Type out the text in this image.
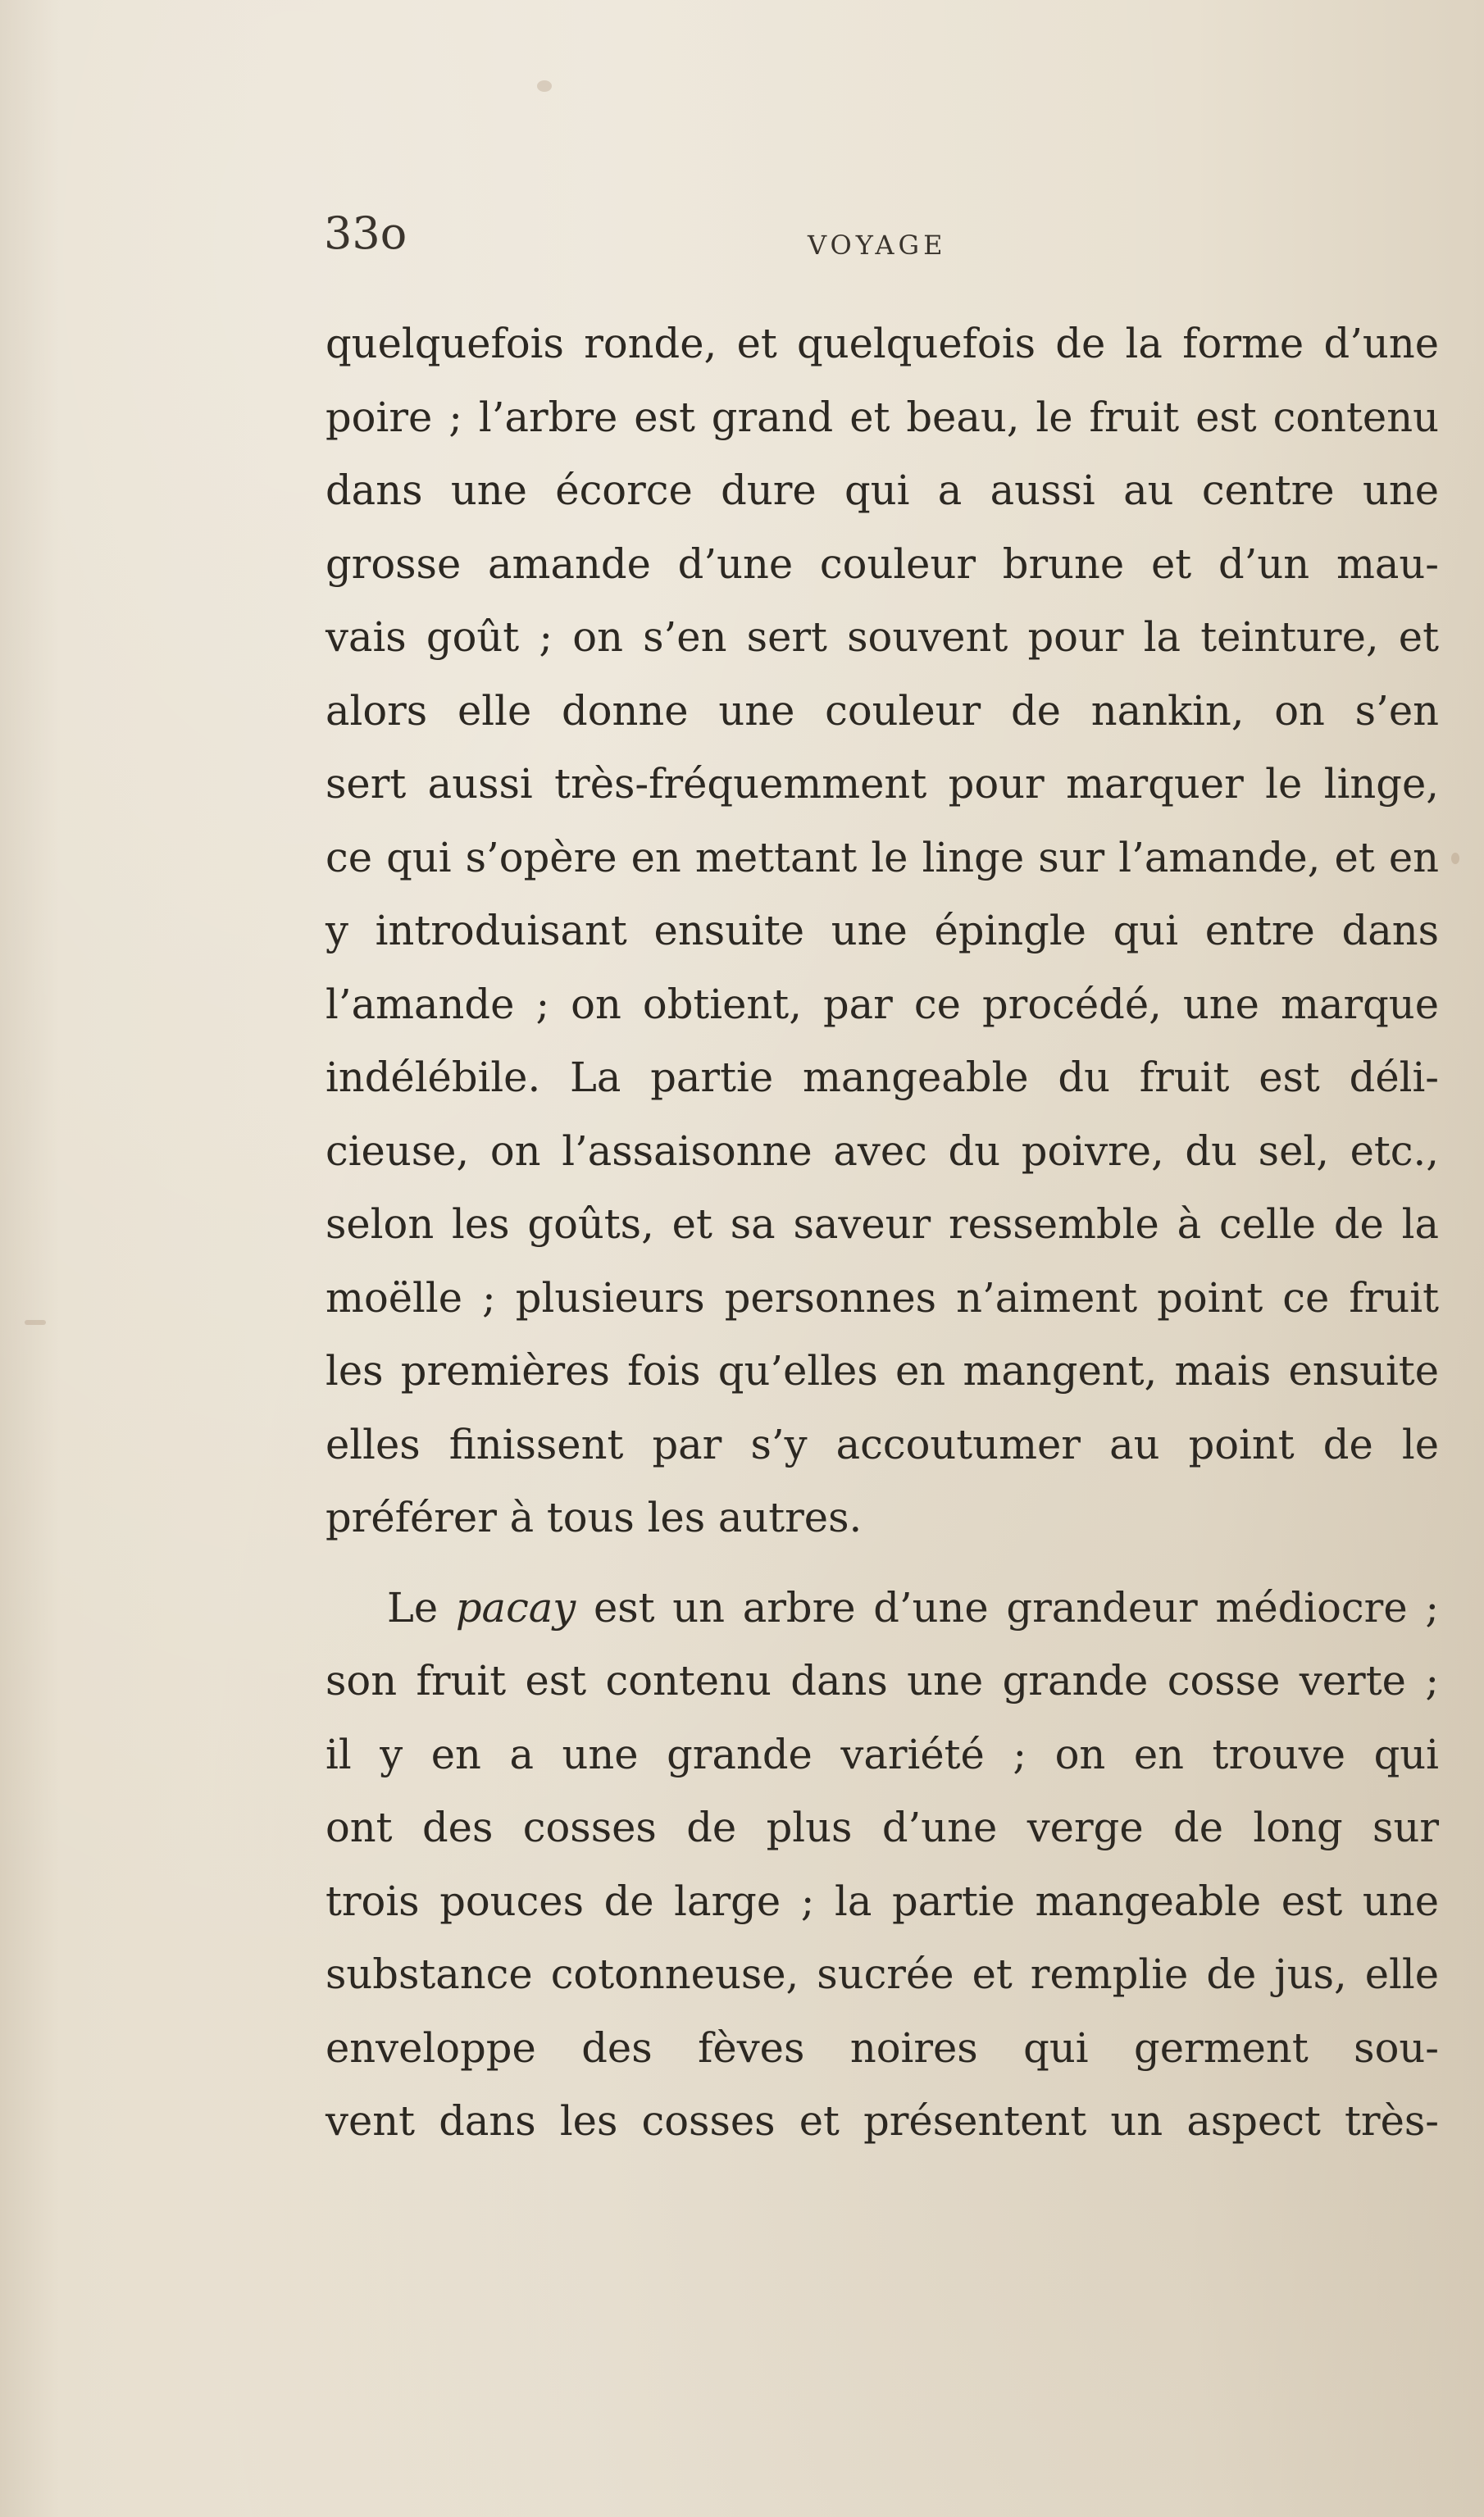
33o	VOYAGE
quelquefois ronde, et quelquefois de la forme d’une
poire ; l’arbre est grand et beau, le fruit est contenu
dans une écorce dure qui a aussi au centre une
grosse amande d’une couleur brune et d’un mau-
vais goût ; on s’en sert souvent pour la teinture, et
alors elle donne une couleur de nankin, on s’en
sert aussi très-fréquemment pour marquer le linge,
ce qui s’opère en mettant le linge sur l’amande, et en
y introduisant ensuite une épingle qui entre dans
l’amande ; on obtient, par ce procédé, une marque
indélébile. La partie mangeable du fruit est déli-
cieuse, on l’assaisonne avec du poivre, du sel, etc.,
selon les goûts, et sa saveur ressemble à celle de la
moëlle ; plusieurs personnes n’aiment point ce fruit
les premières fois qu’elles en mangent, mais ensuite
elles finissent par s’y accoutumer au point de le
préférer à tous les autres.
Le pacay est un arbre d’une grandeur médiocre ;
son fruit est contenu dans une grande cosse verte ;
il y en a une grande variété ; on en trouve qui
ont des cosses de plus d’une verge de long sur
trois pouces de large ; la partie mangeable est une
substance cotonneuse, sucrée et remplie de jus, elle
enveloppe des fèves noires qui germent sou-
vent dans les cosses et présentent un aspect très-
